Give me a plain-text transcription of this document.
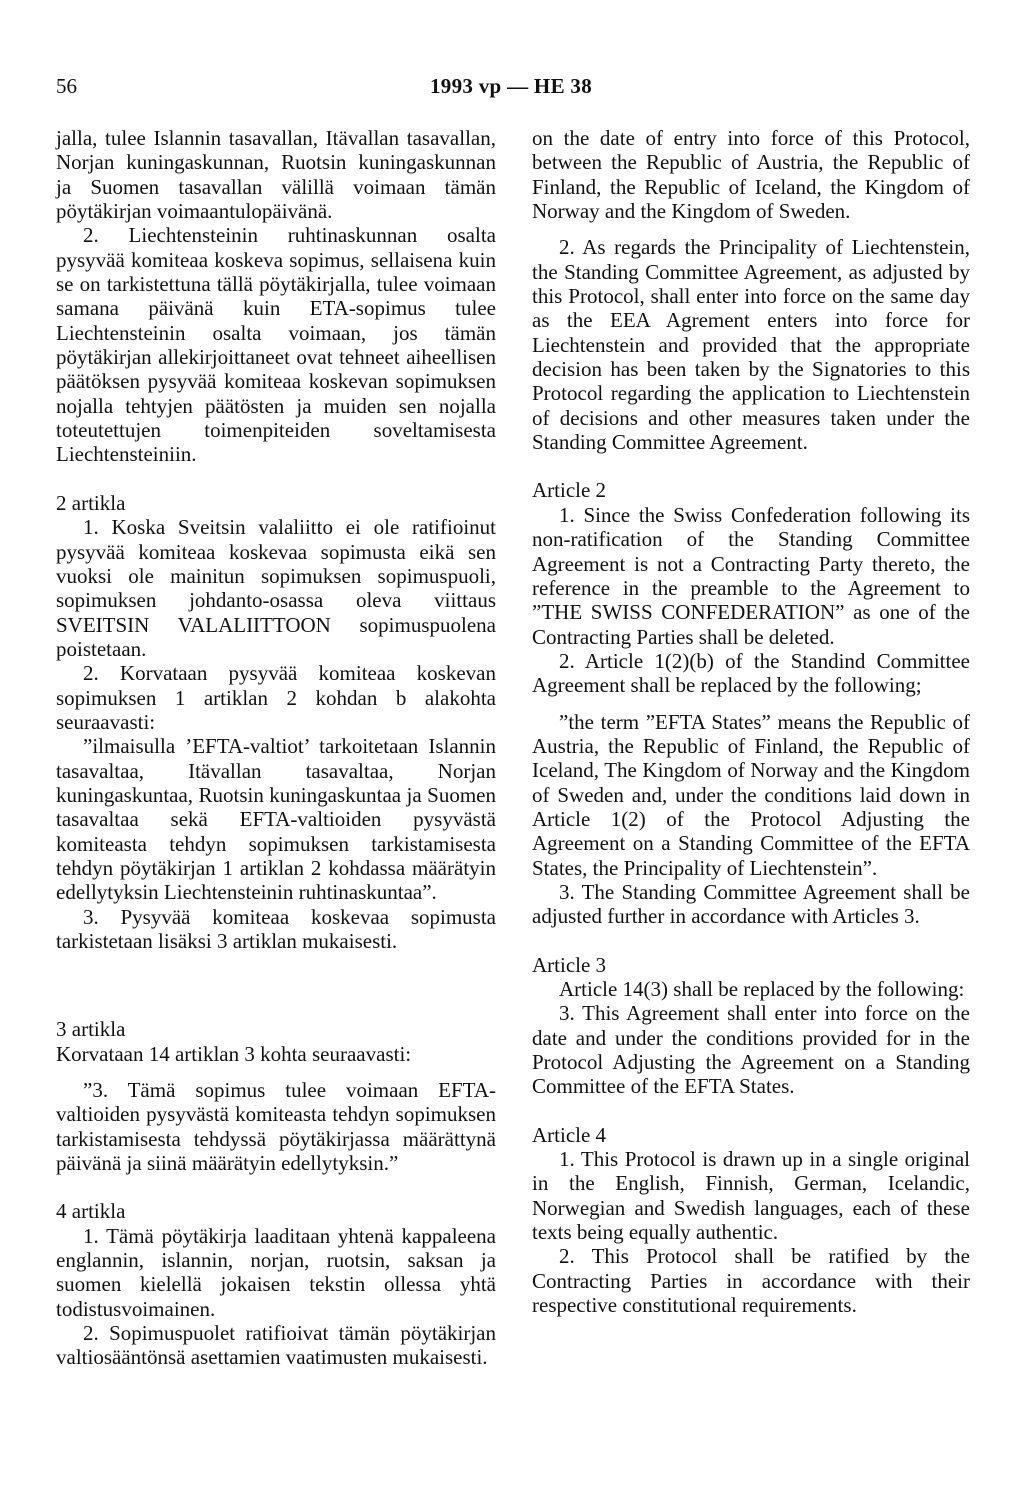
56	1993 vp — HE 38

jalla, tulee Islannin tasavallan, Itävallan tasavallan, Norjan kuningaskunnan, Ruotsin kuningaskunnan ja Suomen tasavallan välillä voimaan tämän pöytäkirjan voimaantulopäivänä.

2. Liechtensteinin ruhtinaskunnan osalta pysyvää komiteaa koskeva sopimus, sellaisena kuin se on tarkistettuna tällä pöytäkirjalla, tulee voimaan samana päivänä kuin ETA-sopimus tulee Liechtensteinin osalta voimaan, jos tämän pöytäkirjan allekirjoittaneet ovat tehneet aiheellisen päätöksen pysyvää komiteaa koskevan sopimuksen nojalla tehtyjen päätösten ja muiden sen nojalla toteutettujen toimenpiteiden soveltamisesta Liechtensteiniin.

2 artikla

1. Koska Sveitsin valaliitto ei ole ratifioinut pysyvää komiteaa koskevaa sopimusta eikä sen vuoksi ole mainitun sopimuksen sopimuspuoli, sopimuksen johdanto-osassa oleva viittaus SVEITSIN VALALIITTOON sopimuspuolena poistetaan.

2. Korvataan pysyvää komiteaa koskevan sopimuksen 1 artiklan 2 kohdan b alakohta seuraavasti:

”ilmaisulla ’EFTA-valtiot’ tarkoitetaan Islannin tasavaltaa, Itävallan tasavaltaa, Norjan kuningaskuntaa, Ruotsin kuningaskuntaa ja Suomen tasavaltaa sekä EFTA-valtioiden pysyvästä komiteasta tehdyn sopimuksen tarkistamisesta tehdyn pöytäkirjan 1 artiklan 2 kohdassa määrätyin edellytyksin Liechtensteinin ruhtinaskuntaa”.

3. Pysyvää komiteaa koskevaa sopimusta tarkistetaan lisäksi 3 artiklan mukaisesti.

3 artikla

Korvataan 14 artiklan 3 kohta seuraavasti:

”3. Tämä sopimus tulee voimaan EFTA-valtioiden pysyvästä komiteasta tehdyn sopimuksen tarkistamisesta tehdyssä pöytäkirjassa määrättynä päivänä ja siinä määrätyin edellytyksin.”

4 artikla

1. Tämä pöytäkirja laaditaan yhtenä kappaleena englannin, islannin, norjan, ruotsin, saksan ja suomen kielellä jokaisen tekstin ollessa yhtä todistusvoimainen.

2. Sopimuspuolet ratifioivat tämän pöytäkirjan valtiosääntönsä asettamien vaatimusten mukaisesti.

on the date of entry into force of this Protocol, between the Republic of Austria, the Republic of Finland, the Republic of Iceland, the Kingdom of Norway and the Kingdom of Sweden.

2. As regards the Principality of Liechtenstein, the Standing Committee Agreement, as adjusted by this Protocol, shall enter into force on the same day as the EEA Agrement enters into force for Liechtenstein and provided that the appropriate decision has been taken by the Signatories to this Protocol regarding the application to Liechtenstein of decisions and other measures taken under the Standing Committee Agreement.

Article 2

1. Since the Swiss Confederation following its non-ratification of the Standing Committee Agreement is not a Contracting Party thereto, the reference in the preamble to the Agreement to ”THE SWISS CONFEDERATION” as one of the Contracting Parties shall be deleted.

2. Article 1(2)(b) of the Standind Committee Agreement shall be replaced by the following;

”the term ”EFTA States” means the Republic of Austria, the Republic of Finland, the Republic of Iceland, The Kingdom of Norway and the Kingdom of Sweden and, under the conditions laid down in Article 1(2) of the Protocol Adjusting the Agreement on a Standing Committee of the EFTA States, the Principality of Liechtenstein”.

3. The Standing Committee Agreement shall be adjusted further in accordance with Articles 3.

Article 3

Article 14(3) shall be replaced by the following:

3. This Agreement shall enter into force on the date and under the conditions provided for in the Protocol Adjusting the Agreement on a Standing Committee of the EFTA States.

Article 4

1. This Protocol is drawn up in a single original in the English, Finnish, German, Icelandic, Norwegian and Swedish languages, each of these texts being equally authentic.

2. This Protocol shall be ratified by the Contracting Parties in accordance with their respective constitutional requirements.
